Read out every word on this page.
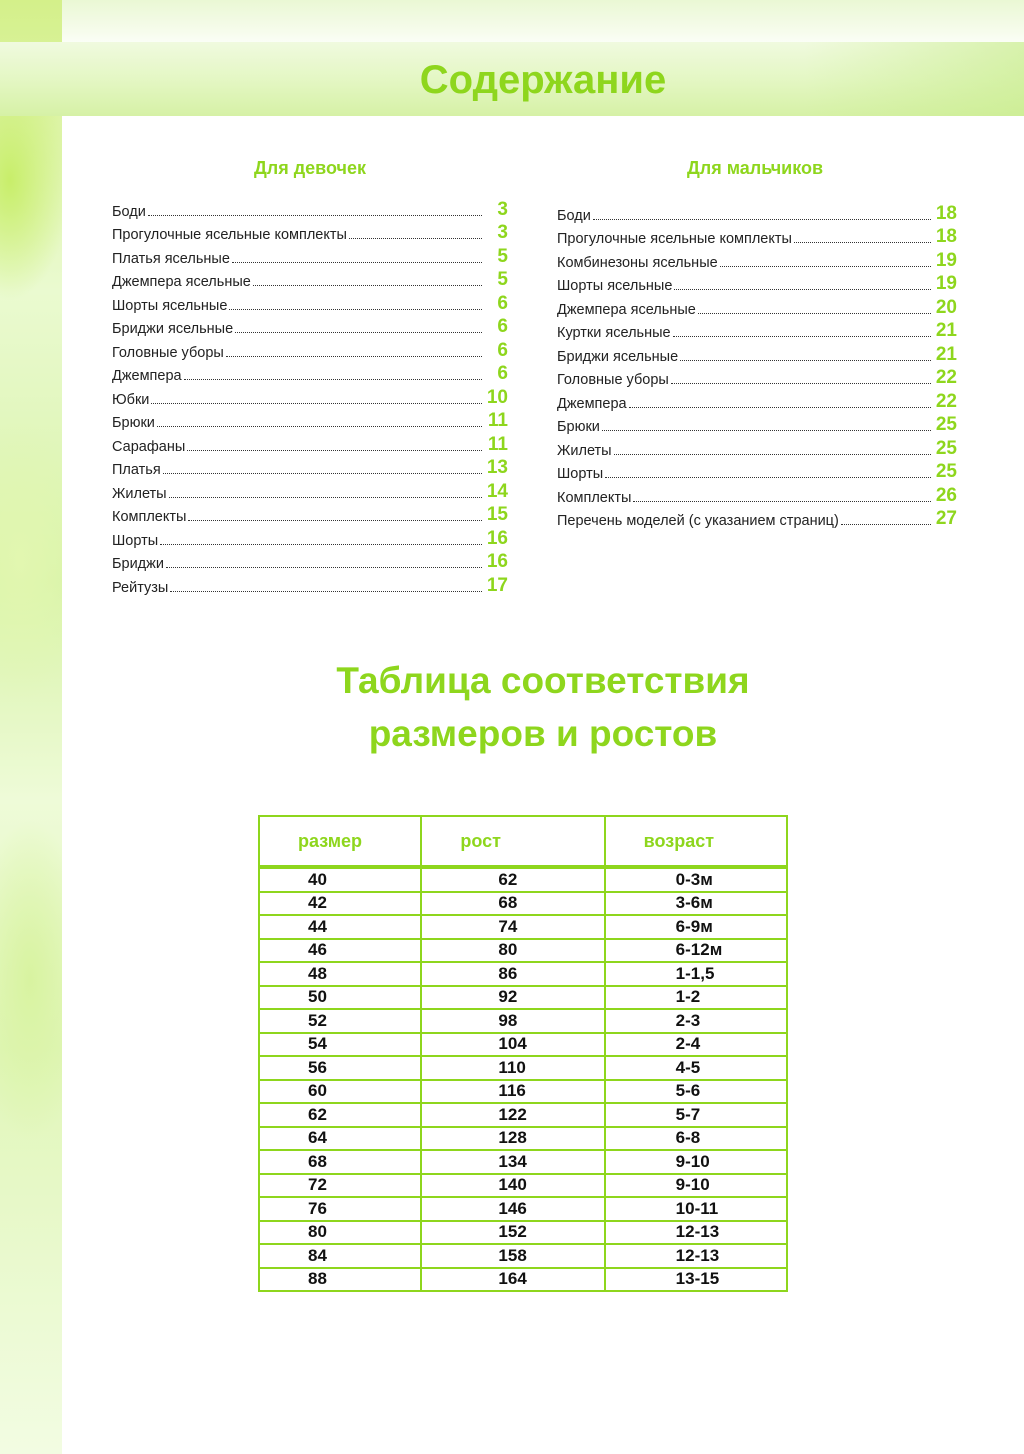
Содержание
Для девочек
Боди	3
Прогулочные ясельные комплекты	3
Платья ясельные	5
Джемпера ясельные	5
Шорты ясельные	6
Бриджи ясельные	6
Головные уборы	6
Джемпера	6
Юбки	10
Брюки	11
Сарафаны	11
Платья	13
Жилеты	14
Комплекты	15
Шорты	16
Бриджи	16
Рейтузы	17
Для мальчиков
Боди	18
Прогулочные ясельные комплекты	18
Комбинезоны ясельные	19
Шорты ясельные	19
Джемпера ясельные	20
Куртки ясельные	21
Бриджи ясельные	21
Головные уборы	22
Джемпера	22
Брюки	25
Жилеты	25
Шорты	25
Комплекты	26
Перечень моделей (с указанием страниц)	27
Таблица соответствия
размеров и ростов
размер	рост	возраст
40	62	0-3м
42	68	3-6м
44	74	6-9м
46	80	6-12м
48	86	1-1,5
50	92	1-2
52	98	2-3
54	104	2-4
56	110	4-5
60	116	5-6
62	122	5-7
64	128	6-8
68	134	9-10
72	140	9-10
76	146	10-11
80	152	12-13
84	158	12-13
88	164	13-15
